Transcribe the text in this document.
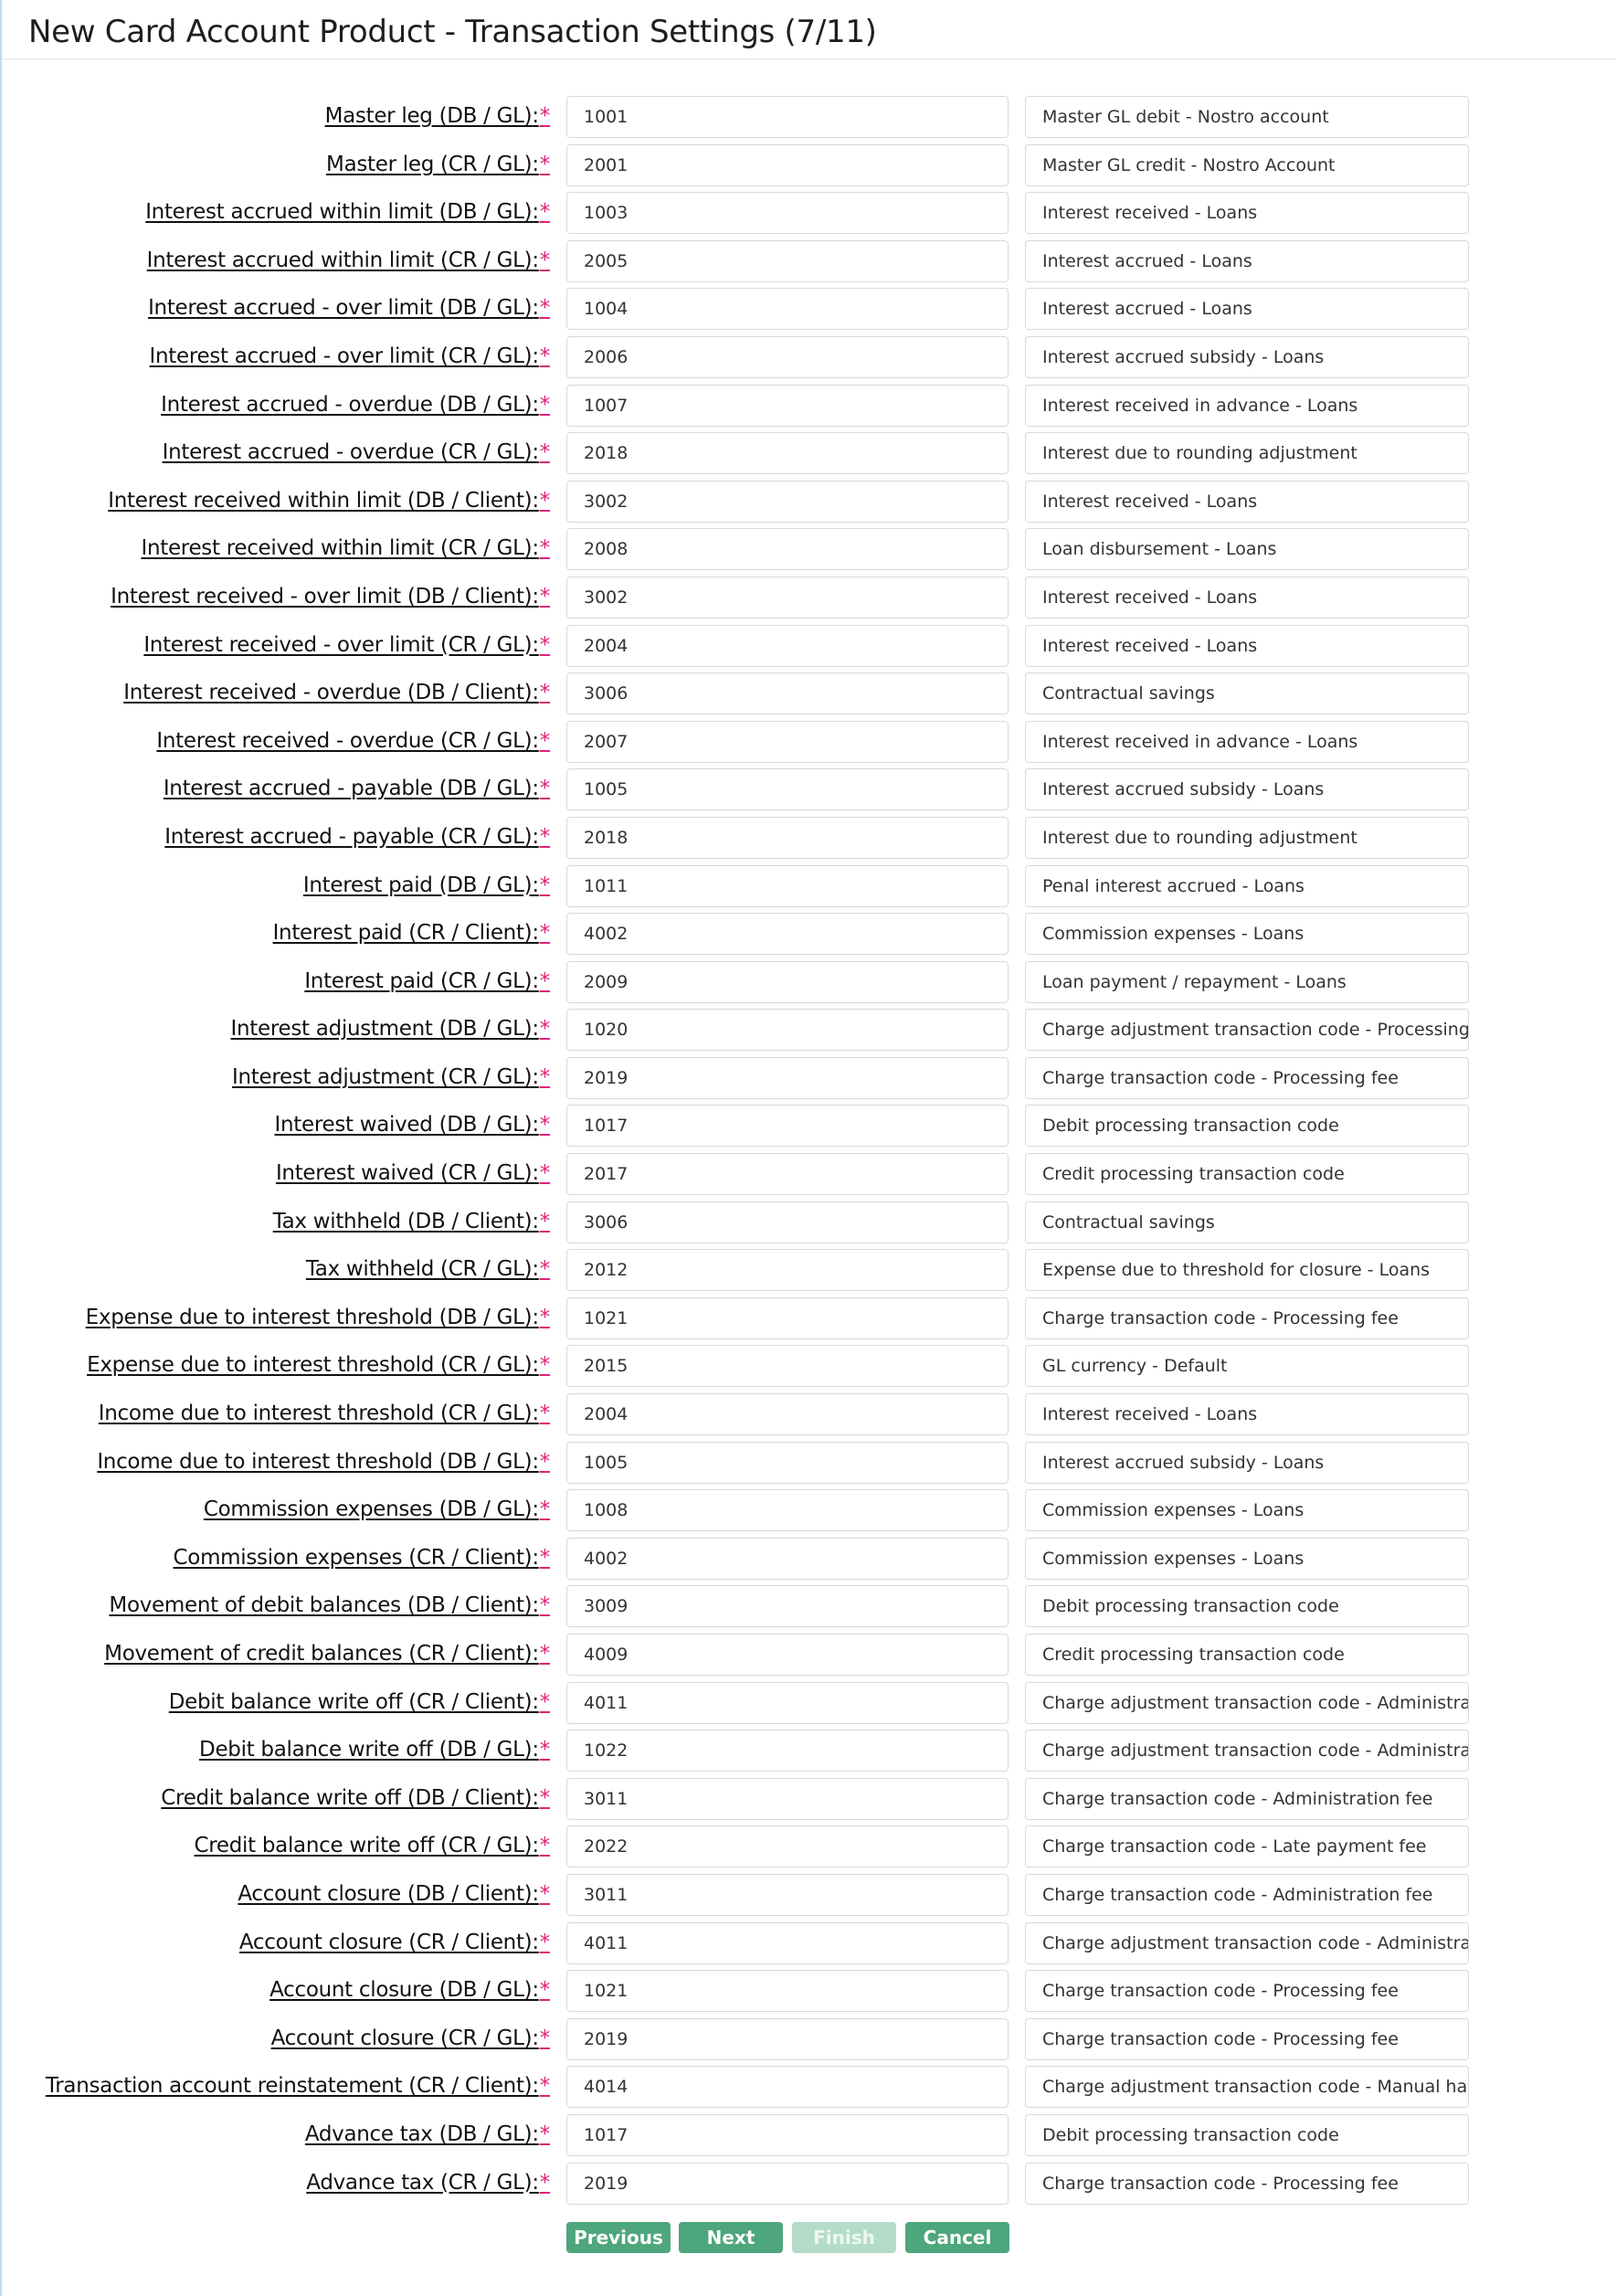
New Card Account Product - Transaction Settings (7/11)
Master leg (DB / GL):*
1001
Master GL debit - Nostro account
Master leg (CR / GL):*
2001
Master GL credit - Nostro Account
Interest accrued within limit (DB / GL):*
1003
Interest received - Loans
Interest accrued within limit (CR / GL):*
2005
Interest accrued - Loans
Interest accrued - over limit (DB / GL):*
1004
Interest accrued - Loans
Interest accrued - over limit (CR / GL):*
2006
Interest accrued subsidy - Loans
Interest accrued - overdue (DB / GL):*
1007
Interest received in advance - Loans
Interest accrued - overdue (CR / GL):*
2018
Interest due to rounding adjustment
Interest received within limit (DB / Client):*
3002
Interest received - Loans
Interest received within limit (CR / GL):*
2008
Loan disbursement - Loans
Interest received - over limit (DB / Client):*
3002
Interest received - Loans
Interest received - over limit (CR / GL):*
2004
Interest received - Loans
Interest received - overdue (DB / Client):*
3006
Contractual savings
Interest received - overdue (CR / GL):*
2007
Interest received in advance - Loans
Interest accrued - payable (DB / GL):*
1005
Interest accrued subsidy - Loans
Interest accrued - payable (CR / GL):*
2018
Interest due to rounding adjustment
Interest paid (DB / GL):*
1011
Penal interest accrued - Loans
Interest paid (CR / Client):*
4002
Commission expenses - Loans
Interest paid (CR / GL):*
2009
Loan payment / repayment - Loans
Interest adjustment (DB / GL):*
1020
Charge adjustment transaction code - Processing fee
Interest adjustment (CR / GL):*
2019
Charge transaction code - Processing fee
Interest waived (DB / GL):*
1017
Debit processing transaction code
Interest waived (CR / GL):*
2017
Credit processing transaction code
Tax withheld (DB / Client):*
3006
Contractual savings
Tax withheld (CR / GL):*
2012
Expense due to threshold for closure - Loans
Expense due to interest threshold (DB / GL):*
1021
Charge transaction code - Processing fee
Expense due to interest threshold (CR / GL):*
2015
GL currency - Default
Income due to interest threshold (CR / GL):*
2004
Interest received - Loans
Income due to interest threshold (DB / GL):*
1005
Interest accrued subsidy - Loans
Commission expenses (DB / GL):*
1008
Commission expenses - Loans
Commission expenses (CR / Client):*
4002
Commission expenses - Loans
Movement of debit balances (DB / Client):*
3009
Debit processing transaction code
Movement of credit balances (CR / Client):*
4009
Credit processing transaction code
Debit balance write off (CR / Client):*
4011
Charge adjustment transaction code - Administration fee
Debit balance write off (DB / GL):*
1022
Charge adjustment transaction code - Administration fee
Credit balance write off (DB / Client):*
3011
Charge transaction code - Administration fee
Credit balance write off (CR / GL):*
2022
Charge transaction code - Late payment fee
Account closure (DB / Client):*
3011
Charge transaction code - Administration fee
Account closure (CR / Client):*
4011
Charge adjustment transaction code - Administration fee
Account closure (DB / GL):*
1021
Charge transaction code - Processing fee
Account closure (CR / GL):*
2019
Charge transaction code - Processing fee
Transaction account reinstatement (CR / Client):*
4014
Charge adjustment transaction code - Manual handling fee
Advance tax (DB / GL):*
1017
Debit processing transaction code
Advance tax (CR / GL):*
2019
Charge transaction code - Processing fee
Previous	Next	Finish	Cancel
